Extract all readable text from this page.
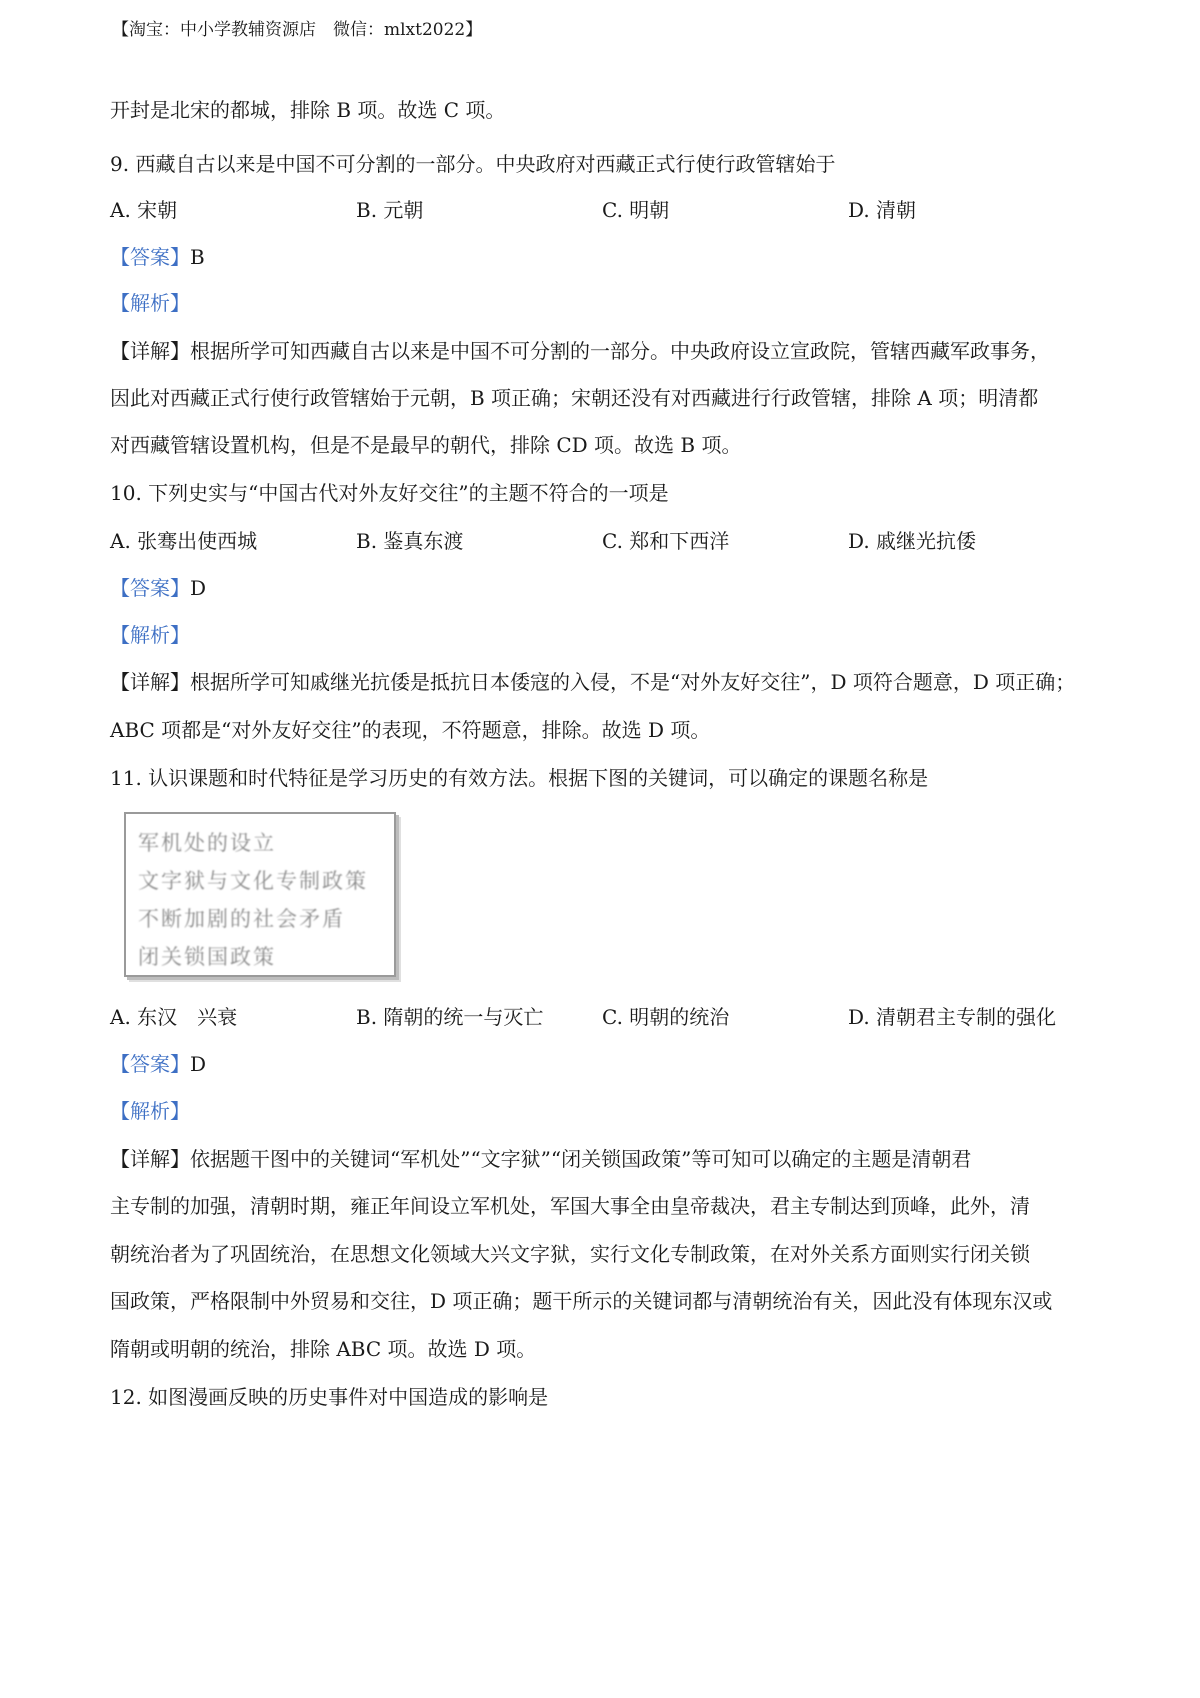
【淘宝：中小学教辅资源店　微信：mlxt2022】
开封是北宋的都城，排除 B 项。故选 C 项。
9. 西藏自古以来是中国不可分割的一部分。中央政府对西藏正式行使行政管辖始于
A. 宋朝	B. 元朝	C. 明朝	D. 清朝
【答案】B
【解析】
【详解】根据所学可知西藏自古以来是中国不可分割的一部分。中央政府设立宣政院，管辖西藏军政事务，
因此对西藏正式行使行政管辖始于元朝，B 项正确；宋朝还没有对西藏进行行政管辖，排除 A 项；明清都
对西藏管辖设置机构，但是不是最早的朝代，排除 CD 项。故选 B 项。
10. 下列史实与“中国古代对外友好交往”的主题不符合的一项是
A. 张骞出使西城	B. 鉴真东渡	C. 郑和下西洋	D. 戚继光抗倭
【答案】D
【解析】
【详解】根据所学可知戚继光抗倭是抵抗日本倭寇的入侵，不是“对外友好交往”，D 项符合题意，D 项正确；
ABC 项都是“对外友好交往”的表现，不符题意，排除。故选 D 项。
11. 认识课题和时代特征是学习历史的有效方法。根据下图的关键词，可以确定的课题名称是
军机处的设立
文字狱与文化专制政策
不断加剧的社会矛盾
闭关锁国政策
A. 东汉　兴衰	B. 隋朝的统一与灭亡	C. 明朝的统治	D. 清朝君主专制的强化
【答案】D
【解析】
【详解】依据题干图中的关键词“军机处”“文字狱”“闭关锁国政策”等可知可以确定的主题是清朝君
主专制的加强，清朝时期，雍正年间设立军机处，军国大事全由皇帝裁决，君主专制达到顶峰，此外，清
朝统治者为了巩固统治，在思想文化领域大兴文字狱，实行文化专制政策，在对外关系方面则实行闭关锁
国政策，严格限制中外贸易和交往，D 项正确；题干所示的关键词都与清朝统治有关，因此没有体现东汉或
隋朝或明朝的统治，排除 ABC 项。故选 D 项。
12. 如图漫画反映的历史事件对中国造成的影响是
